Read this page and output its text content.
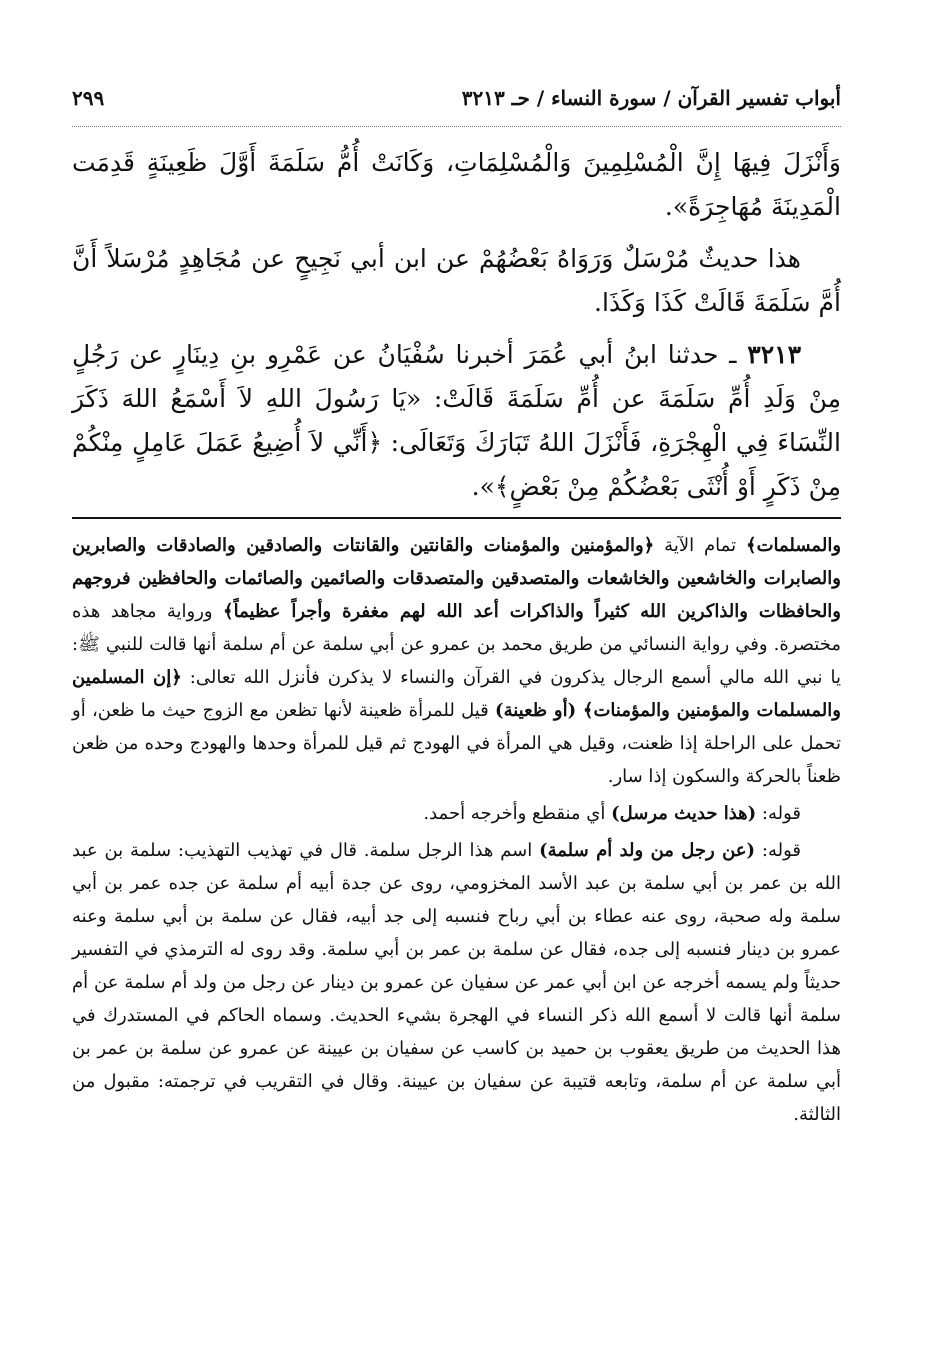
أبواب تفسير القرآن / سورة النساء / حـ ٣٢١٣
٢٩٩

وَأَنْزَلَ فِيهَا إِنَّ الْمُسْلِمِينَ وَالْمُسْلِمَاتِ، وَكَانَتْ أُمُّ سَلَمَةَ أَوَّلَ ظَعِينَةٍ قَدِمَت الْمَدِينَةَ مُهَاجِرَةً».

هذا حديثٌ مُرْسَلٌ وَرَوَاهُ بَعْضُهُمْ عن ابن أبي نَجِيحٍ عن مُجَاهِدٍ مُرْسَلاً أَنَّ أُمَّ سَلَمَةَ قَالَتْ كَذَا وَكَذَا.

٣٢١٣ ـ حدثنا ابنُ أبي عُمَرَ أخبرنا سُفْيَانُ عن عَمْرِو بنِ دِينَارٍ عن رَجُلٍ مِنْ وَلَدِ أُمِّ سَلَمَةَ عن أُمِّ سَلَمَةَ قَالَتْ: «يَا رَسُولَ اللهِ لاَ أَسْمَعُ اللهَ ذَكَرَ النِّسَاءَ فِي الْهِجْرَةِ، فَأَنْزَلَ اللهُ تَبَارَكَ وَتَعَالَى: ﴿أَنِّي لاَ أُضِيعُ عَمَلَ عَامِلٍ مِنْكُمْ مِنْ ذَكَرٍ أَوْ أُنْثَى بَعْضُكُمْ مِنْ بَعْضٍ﴾».

والمسلمات﴾ تمام الآية ﴿والمؤمنين والمؤمنات والقانتين والقانتات والصادقين والصادقات والصابرين والصابرات والخاشعين والخاشعات والمتصدقين والمتصدقات والصائمين والصائمات والحافظين فروجهم والحافظات والذاكرين الله كثيراً والذاكرات أعد الله لهم مغفرة وأجراً عظيماً﴾ ورواية مجاهد هذه مختصرة. وفي رواية النسائي من طريق محمد بن عمرو عن أبي سلمة عن أم سلمة أنها قالت للنبي ﷺ: يا نبي الله مالي أسمع الرجال يذكرون في القرآن والنساء لا يذكرن فأنزل الله تعالى: ﴿إن المسلمين والمسلمات والمؤمنين والمؤمنات﴾ (أو ظعينة) قيل للمرأة ظعينة لأنها تظعن مع الزوج حيث ما ظعن، أو تحمل على الراحلة إذا ظعنت، وقيل هي المرأة في الهودج ثم قيل للمرأة وحدها والهودج وحده من ظعن ظعناً بالحركة والسكون إذا سار.

قوله: (هذا حديث مرسل) أي منقطع وأخرجه أحمد.

قوله: (عن رجل من ولد أم سلمة) اسم هذا الرجل سلمة. قال في تهذيب التهذيب: سلمة بن عبد الله بن عمر بن أبي سلمة بن عبد الأسد المخزومي، روى عن جدة أبيه أم سلمة عن جده عمر بن أبي سلمة وله صحبة، روى عنه عطاء بن أبي رباح فنسبه إلى جد أبيه، فقال عن سلمة بن أبي سلمة وعنه عمرو بن دينار فنسبه إلى جده، فقال عن سلمة بن عمر بن أبي سلمة. وقد روى له الترمذي في التفسير حديثاً ولم يسمه أخرجه عن ابن أبي عمر عن سفيان عن عمرو بن دينار عن رجل من ولد أم سلمة عن أم سلمة أنها قالت لا أسمع الله ذكر النساء في الهجرة بشيء الحديث. وسماه الحاكم في المستدرك في هذا الحديث من طريق يعقوب بن حميد بن كاسب عن سفيان بن عيينة عن عمرو عن سلمة بن عمر بن أبي سلمة عن أم سلمة، وتابعه قتيبة عن سفيان بن عيينة. وقال في التقريب في ترجمته: مقبول من الثالثة.
